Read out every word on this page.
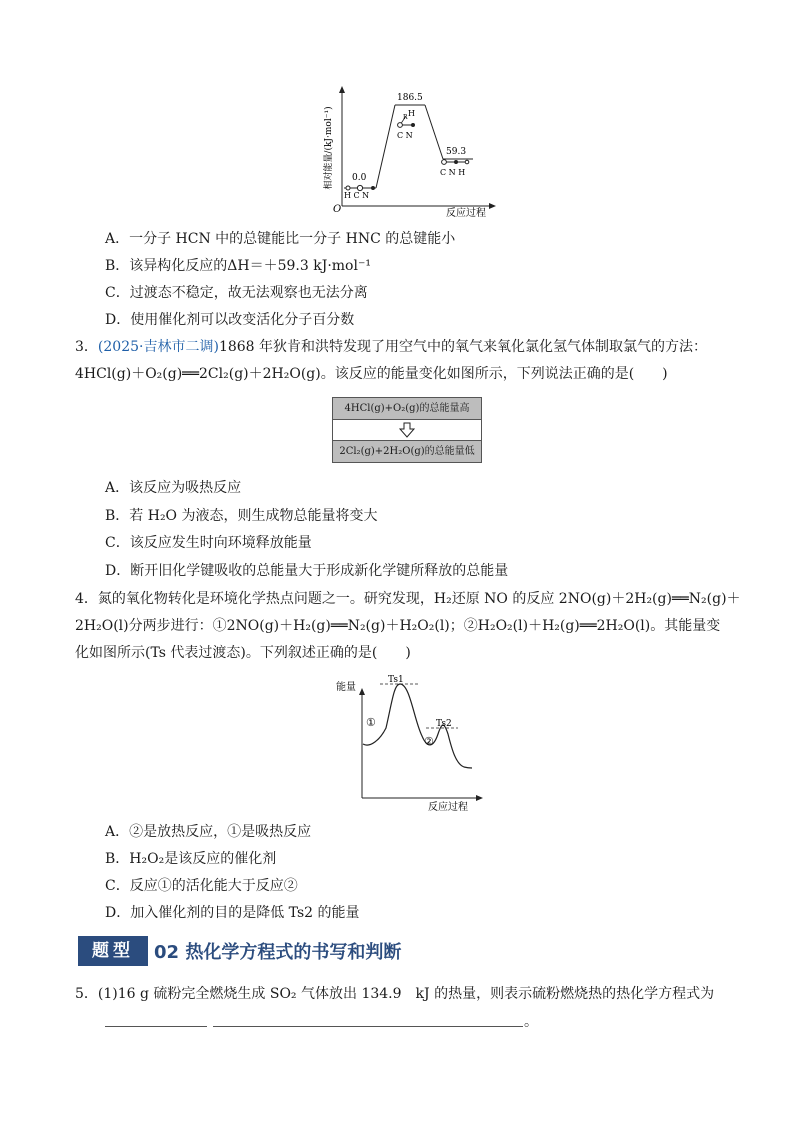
相对能量/(kJ·mol⁻¹)
O	反应过程
0.0
186.5
59.3
H C N
H
R
C N
C N H
A．一分子 HCN 中的总键能比一分子 HNC 的总键能小
B．该异构化反应的ΔH＝＋59.3 kJ·mol⁻¹
C．过渡态不稳定，故无法观察也无法分离
D．使用催化剂可以改变活化分子百分数
3．(2025·吉林市二调)1868 年狄肯和洪特发现了用空气中的氧气来氧化氯化氢气体制取氯气的方法：
4HCl(g)＋O₂(g)══2Cl₂(g)＋2H₂O(g)。该反应的能量变化如图所示，下列说法正确的是(　　)
4HCl(g)+O₂(g)的总能量高
2Cl₂(g)+2H₂O(g)的总能量低
A．该反应为吸热反应
B．若 H₂O 为液态，则生成物总能量将变大
C．该反应发生时向环境释放能量
D．断开旧化学键吸收的总能量大于形成新化学键所释放的总能量
4．氮的氧化物转化是环境化学热点问题之一。研究发现，H₂还原 NO 的反应 2NO(g)＋2H₂(g)══N₂(g)＋
2H₂O(l)分两步进行：①2NO(g)＋H₂(g)══N₂(g)＋H₂O₂(l)；②H₂O₂(l)＋H₂(g)══2H₂O(l)。其能量变
化如图所示(Ts 代表过渡态)。下列叙述正确的是(　　)
能量
反应过程
Ts1
Ts2
①
②
A．②是放热反应，①是吸热反应
B．H₂O₂是该反应的催化剂
C．反应①的活化能大于反应②
D．加入催化剂的目的是降低 Ts2 的能量
题型	02 热化学方程式的书写和判断
5．(1)16 g 硫粉完全燃烧生成 SO₂ 气体放出 134.9　kJ 的热量，则表示硫粉燃烧热的热化学方程式为
。
